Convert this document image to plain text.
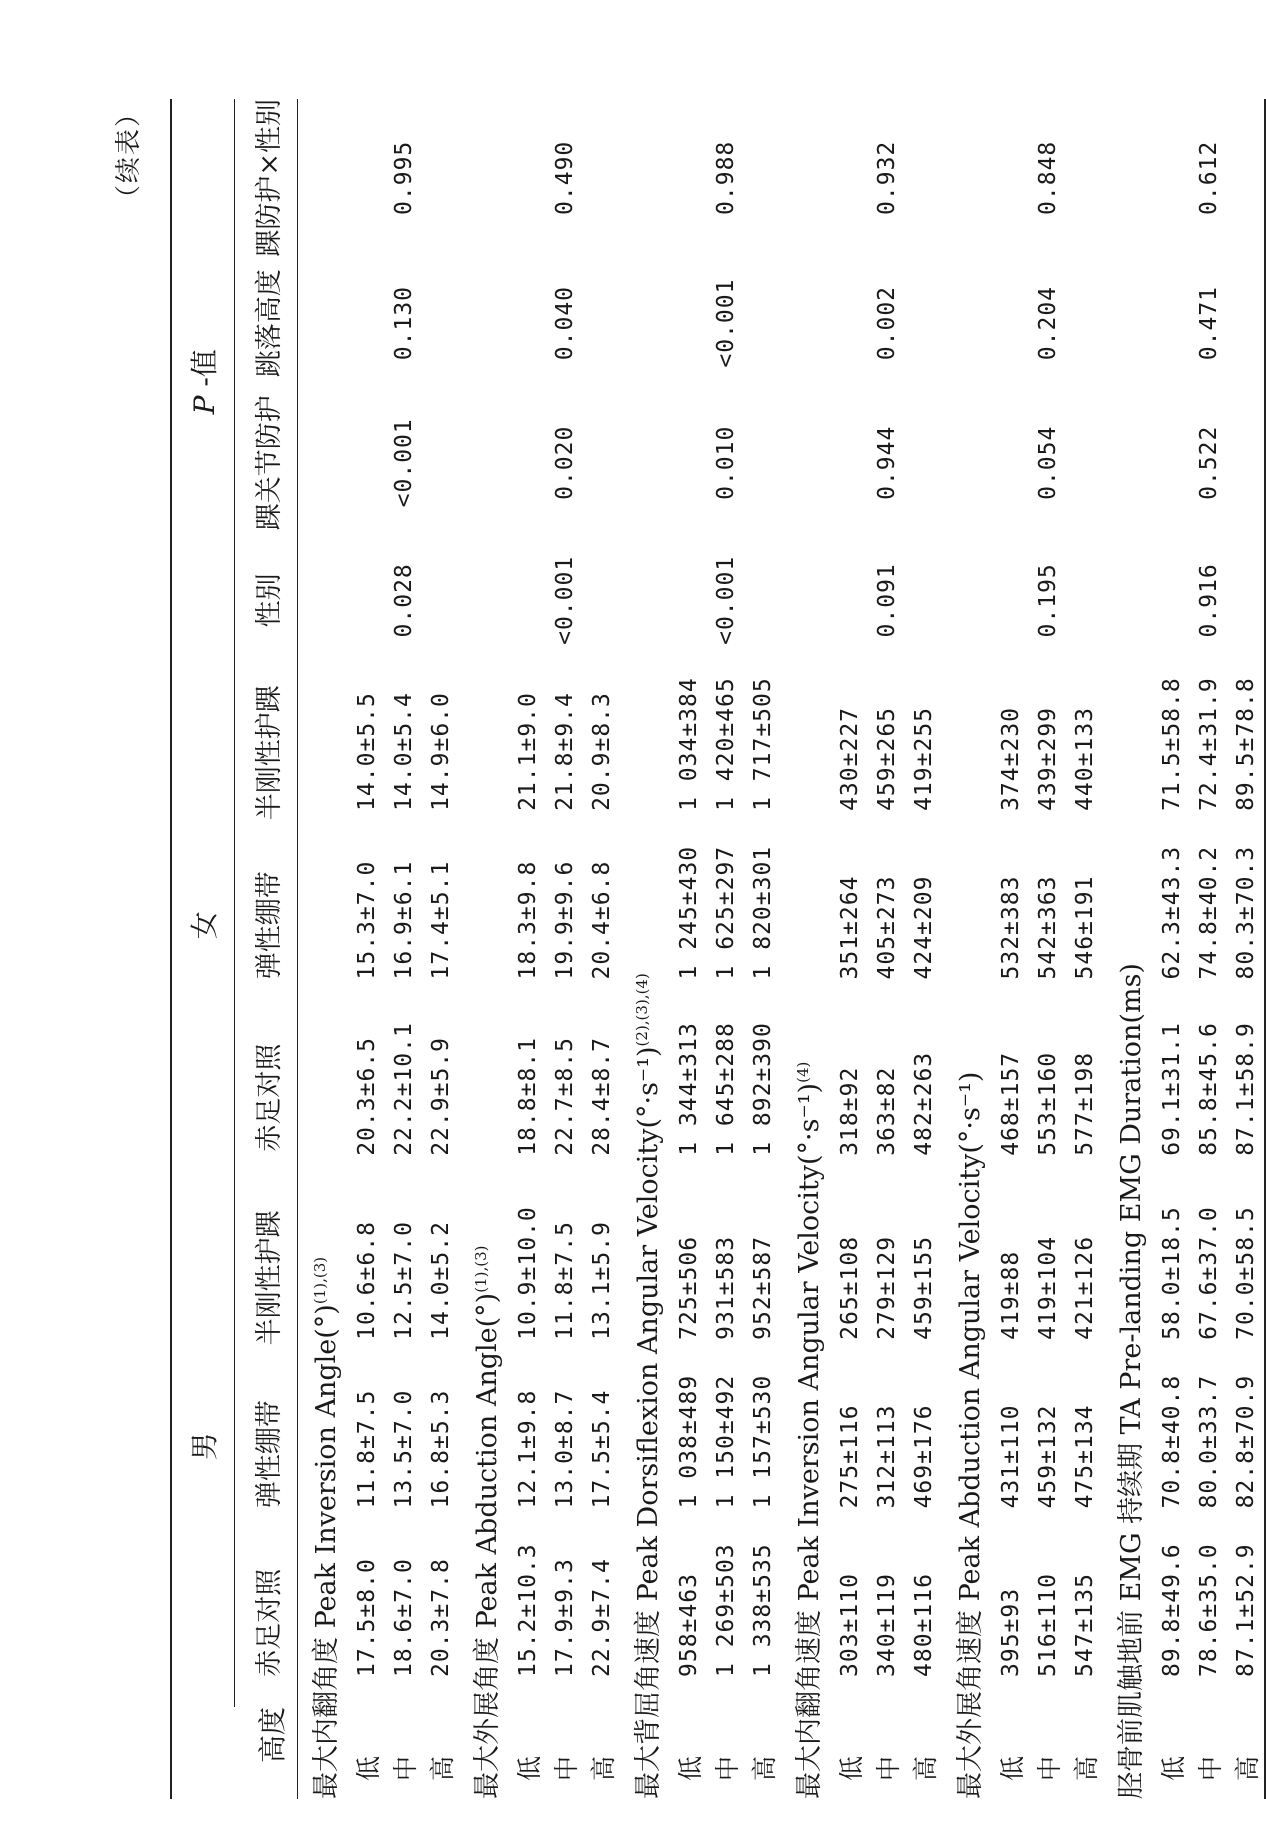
（续表）

高度	男			女			P -值			
	赤足对照	弹性绷带	半刚性护踝	赤足对照	弹性绷带	半刚性护踝	性别	踝关节防护	跳落高度	踝防护×性别
最大内翻角度 Peak Inversion Angle(°)$^{(1),(3)}$
低	17.5±8.0	11.8±7.5	10.6±6.8	20.3±6.5	15.3±7.0	14.0±5.5				
中	18.6±7.0	13.5±7.0	12.5±7.0	22.2±10.1	16.9±6.1	14.0±5.4	0.028	<0.001	0.130	0.995
高	20.3±7.8	16.8±5.3	14.0±5.2	22.9±5.9	17.4±5.1	14.9±6.0				
最大外展角度 Peak Abduction Angle(°)$^{(1),(3)}$
低	15.2±10.3	12.1±9.8	10.9±10.0	18.8±8.1	18.3±9.8	21.1±9.0				
中	17.9±9.3	13.0±8.7	11.8±7.5	22.7±8.5	19.9±9.6	21.8±9.4	<0.001	0.020	0.040	0.490
高	22.9±7.4	17.5±5.4	13.1±5.9	28.4±8.7	20.4±6.8	20.9±8.3				
最大背屈角速度 Peak Dorsiflexion Angular $Velocity(^\circ\cdot s^{-1})^{(2),(3),(4)}$
低	958±463	1 038±489	725±506	1 344±313	1 245±430	1 034±384				
中	1 269±503	1 150±492	931±583	1 645±288	1 625±297	1 420±465	<0.001	0.010	<0.001	0.988
高	1 338±535	1 157±530	952±587	1 892±390	1 820±301	1 717±505				
最大内翻角速度 Peak Inversion Angular $Velocity(^\circ\cdot s^{-1})^{(4)}$
低	303±110	275±116	265±108	318±92	351±264	430±227				
中	340±119	312±113	279±129	363±82	405±273	459±265	0.091	0.944	0.002	0.932
高	480±116	469±176	459±155	482±263	424±209	419±255				
最大外展角速度 Peak Abduction Angular Velocity(°·s⁻¹)										
低	395±93	431±110	419±88	468±157	532±383	374±230				
中	516±110	459±132	419±104	553±160	542±363	439±299	0.195	0.054	0.204	0.848
高	547±135	475±134	421±126	577±198	546±191	440±133				
胫骨前肌触地前 EMG 持续期 TA Pre-landing EMG Duration(ms)										
低	89.8±49.6	70.8±40.8	58.0±18.5	69.1±31.1	62.3±43.3	71.5±58.8				
中	78.6±35.0	80.0±33.7	67.6±37.0	85.8±45.6	74.8±40.2	72.4±31.9	0.916	0.522	0.471	0.612
高	87.1±52.9	82.8±70.9	70.0±58.5	87.1±58.9	80.3±70.3	89.5±78.8				
